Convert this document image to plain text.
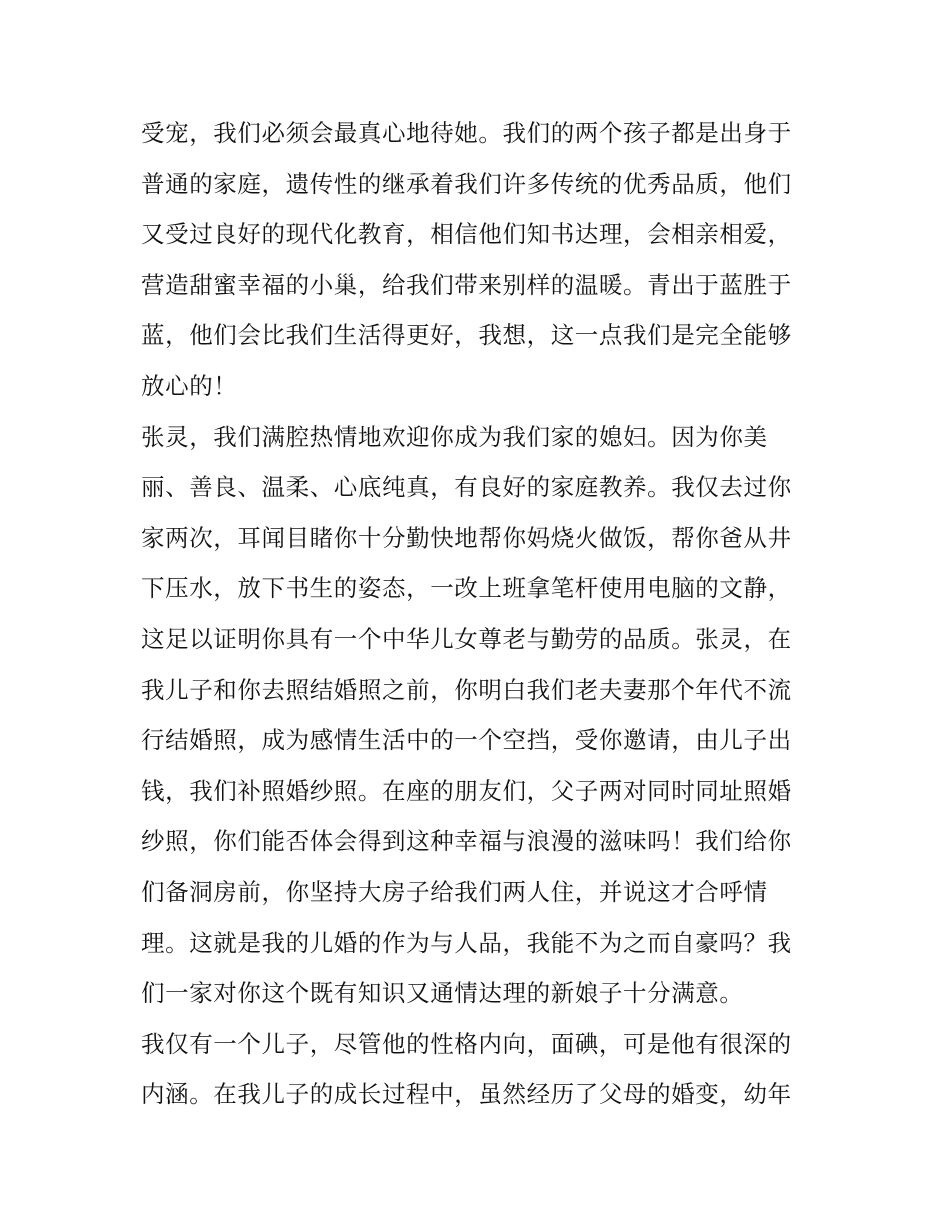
受宠，我们必须会最真心地待她。我们的两个孩子都是出身于
普通的家庭，遗传性的继承着我们许多传统的优秀品质，他们
又受过良好的现代化教育，相信他们知书达理，会相亲相爱，
营造甜蜜幸福的小巢，给我们带来别样的温暖。青出于蓝胜于
蓝，他们会比我们生活得更好，我想，这一点我们是完全能够
放心的！
张灵，我们满腔热情地欢迎你成为我们家的媳妇。因为你美
丽、善良、温柔、心底纯真，有良好的家庭教养。我仅去过你
家两次，耳闻目睹你十分勤快地帮你妈烧火做饭，帮你爸从井
下压水，放下书生的姿态，一改上班拿笔杆使用电脑的文静，
这足以证明你具有一个中华儿女尊老与勤劳的品质。张灵，在
我儿子和你去照结婚照之前，你明白我们老夫妻那个年代不流
行结婚照，成为感情生活中的一个空挡，受你邀请，由儿子出
钱，我们补照婚纱照。在座的朋友们，父子两对同时同址照婚
纱照，你们能否体会得到这种幸福与浪漫的滋味吗！我们给你
们备洞房前，你坚持大房子给我们两人住，并说这才合呼情
理。这就是我的儿婚的作为与人品，我能不为之而自豪吗？我
们一家对你这个既有知识又通情达理的新娘子十分满意。
我仅有一个儿子，尽管他的性格内向，面碘，可是他有很深的
内涵。在我儿子的成长过程中，虽然经历了父母的婚变，幼年
